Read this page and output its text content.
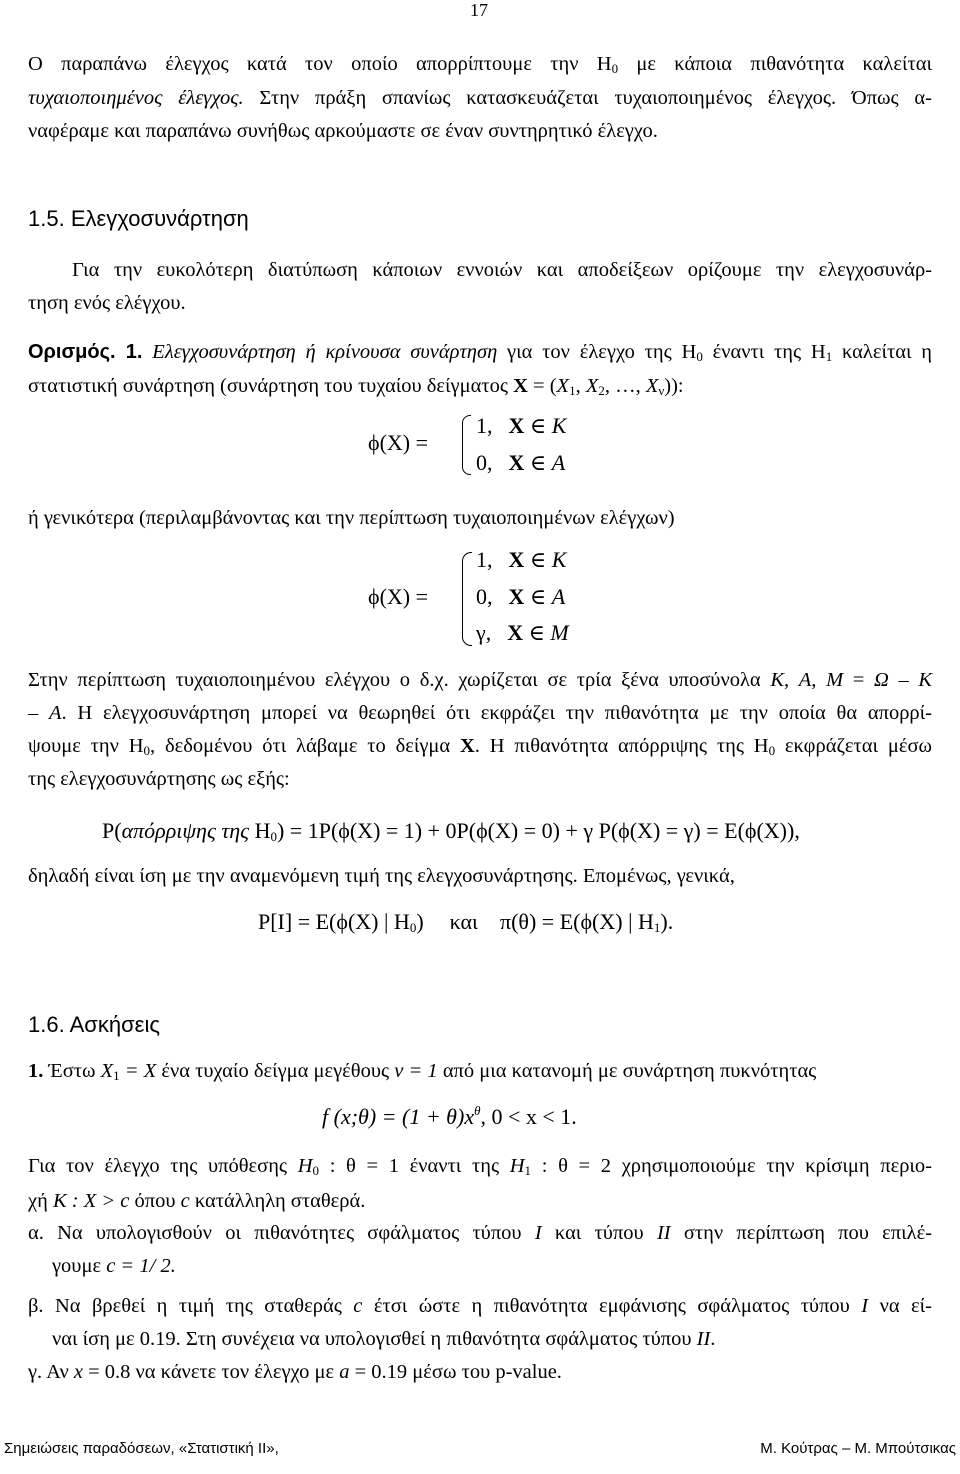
17
Ο παραπάνω έλεγχος κατά τον οποίο απορρίπτουμε την $H_0$ με κάποια πιθανότητα καλείται
τυχαιοποιημένος έλεγχος. Στην πράξη σπανίως κατασκευάζεται τυχαιοποιημένος έλεγχος. Όπως α-
ναφέραμε και παραπάνω συνήθως αρκούμαστε σε έναν συντηρητικό έλεγχο.
1.5. Ελεγχοσυνάρτηση
Για την ευκολότερη διατύπωση κάποιων εννοιών και αποδείξεων ορίζουμε την ελεγχοσυνάρ-
τηση ενός ελέγχου.
Ορισμός. 1. Ελεγχοσυνάρτηση ή κρίνουσα συνάρτηση για τον έλεγχο της $H_0$ έναντι της $H_1$ καλείται η
στατιστική συνάρτηση (συνάρτηση του τυχαίου δείγματος $X = (X_1$, $X_2$, …, $X_\nu$)):
ϕ(X) =
1, X ∈ K
0, X ∈ A
ή γενικότερα (περιλαμβάνοντας και την περίπτωση τυχαιοποιημένων ελέγχων)
ϕ(X) =
1, X ∈ K
0, X ∈ A
γ, X ∈ M
Στην περίπτωση τυχαιοποιημένου ελέγχου ο δ.χ. χωρίζεται σε τρία ξένα υποσύνολα K, A, M = Ω – K
– A. Η ελεγχοσυνάρτηση μπορεί να θεωρηθεί ότι εκφράζει την πιθανότητα με την οποία θα απορρί-
ψουμε την $H_0$, δεδομένου ότι λάβαμε το δείγμα X. Η πιθανότητα απόρριψης της $H_0$ εκφράζεται μέσω
της ελεγχοσυνάρτησης ως εξής:
P(απόρριψης της $H_0) = 1P(\phi(X) = 1) + 0P(\phi(X) = 0) + \gamma$ P(ϕ(X) = γ) = E(ϕ(X)),
δηλαδή είναι ίση με την αναμενόμενη τιμή της ελεγχοσυνάρτησης. Επομένως, γενικά,
P[I] = E(ϕ(X) | $H_0$) και π(θ) = E(ϕ(X) | $H_1$).
1.6. Ασκήσεις
1. Έστω $X_1 = X$ ένα τυχαίο δείγμα μεγέθους ν = 1 από μια κατανομή με συνάρτηση πυκνότητας
f (x;θ) = $(1 + \theta)x^\theta$, 0 < x < 1.
Για τον έλεγχο της υπόθεσης $H_0$ : θ = 1 έναντι της $H_1$ : θ = 2 χρησιμοποιούμε την κρίσιμη περιο-
χή K : X > c όπου c κατάλληλη σταθερά.
α. Να υπολογισθούν οι πιθανότητες σφάλματος τύπου I και τύπου II στην περίπτωση που επιλέ-
γουμε c = 1/ 2.
β. Να βρεθεί η τιμή της σταθεράς c έτσι ώστε η πιθανότητα εμφάνισης σφάλματος τύπου I να εί-
ναι ίση με 0.19. Στη συνέχεια να υπολογισθεί η πιθανότητα σφάλματος τύπου II.
γ. Αν x = 0.8 να κάνετε τον έλεγχο με a = 0.19 μέσω του p-value.
Σημειώσεις παραδόσεων, «Στατιστική ΙΙ»,	Μ. Κούτρας – Μ. Μπούτσικας
